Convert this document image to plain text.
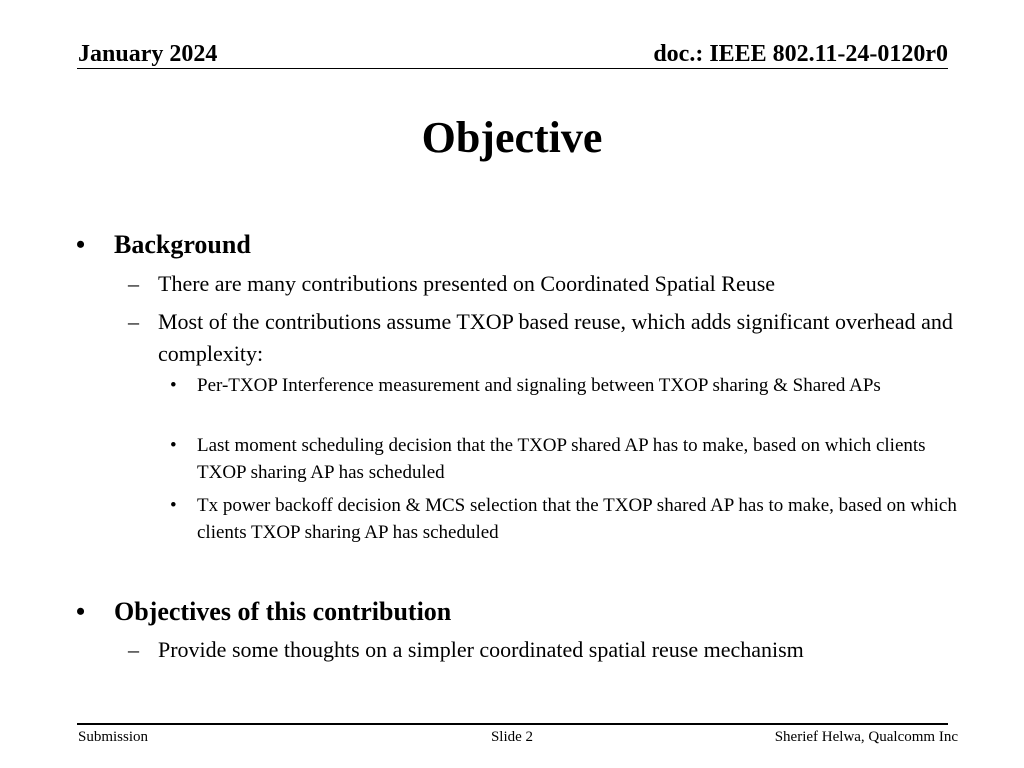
January 2024	doc.: IEEE 802.11-24-0120r0
Objective
• Background
– There are many contributions presented on Coordinated Spatial Reuse
– Most of the contributions assume TXOP based reuse, which adds significant overhead and complexity:
• Per-TXOP Interference measurement and signaling between TXOP sharing & Shared APs
• Last moment scheduling decision that the TXOP shared AP has to make, based on which clients TXOP sharing AP has scheduled
• Tx power backoff decision & MCS selection that the TXOP shared AP has to make, based on which clients TXOP sharing AP has scheduled
• Objectives of this contribution
– Provide some thoughts on a simpler coordinated spatial reuse mechanism
Submission	Slide 2	Sherief Helwa, Qualcomm Inc
